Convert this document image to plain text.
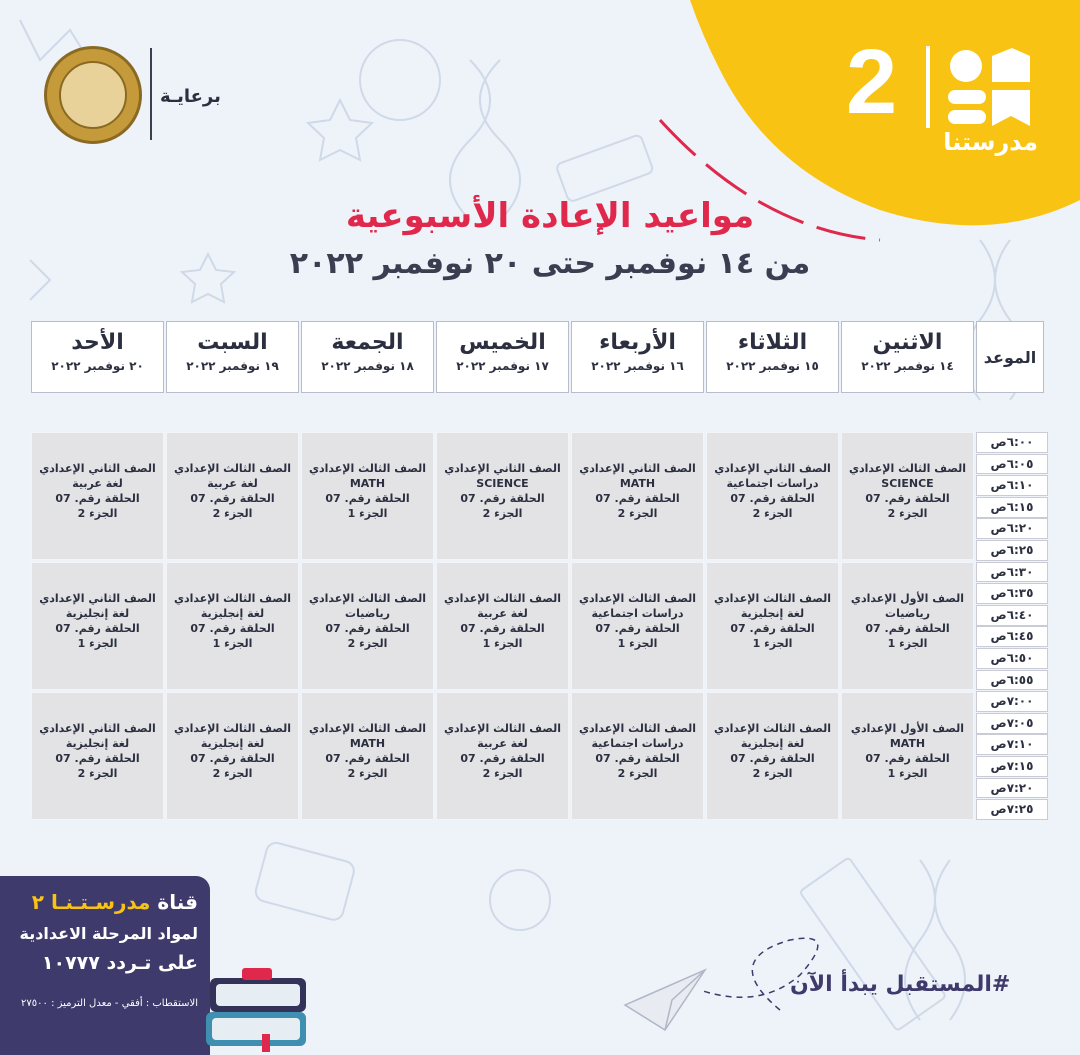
برعايـة	2
مدرستنا
مواعيد الإعادة الأسبوعية
من ١٤ نوفمبر حتى ٢٠ نوفمبر ٢٠٢٢
الموعد
الاثنين
١٤ نوفمبر ٢٠٢٢
الثلاثاء
١٥ نوفمبر ٢٠٢٢
الأربعاء
١٦ نوفمبر ٢٠٢٢
الخميس
١٧ نوفمبر ٢٠٢٢
الجمعة
١٨ نوفمبر ٢٠٢٢
السبت
١٩ نوفمبر ٢٠٢٢
الأحد
٢٠ نوفمبر ٢٠٢٢
٦:٠٠ص
٦:٠٥ص
٦:١٠ص
٦:١٥ص
٦:٢٠ص
٦:٢٥ص
٦:٣٠ص
٦:٣٥ص
٦:٤٠ص
٦:٤٥ص
٦:٥٠ص
٦:٥٥ص
٧:٠٠ص
٧:٠٥ص
٧:١٠ص
٧:١٥ص
٧:٢٠ص
٧:٢٥ص
الصف الثالث الإعدادي
SCIENCE
الحلقة رقم. 07
الجزء 2
الصف الثاني الإعدادي
دراسات اجتماعية
الحلقة رقم. 07
الجزء 2
الصف الثاني الإعدادي
MATH
الحلقة رقم. 07
الجزء 2
الصف الثاني الإعدادي
SCIENCE
الحلقة رقم. 07
الجزء 2
الصف الثالث الإعدادي
MATH
الحلقة رقم. 07
الجزء 1
الصف الثالث الإعدادي
لغة عربية
الحلقة رقم. 07
الجزء 2
الصف الثاني الإعدادي
لغة عربية
الحلقة رقم. 07
الجزء 2
الصف الأول الإعدادي
رياضيات
الحلقة رقم. 07
الجزء 1
الصف الثالث الإعدادي
لغة إنجليزية
الحلقة رقم. 07
الجزء 1
الصف الثالث الإعدادي
دراسات اجتماعية
الحلقة رقم. 07
الجزء 1
الصف الثالث الإعدادي
لغة عربية
الحلقة رقم. 07
الجزء 1
الصف الثالث الإعدادي
رياضيات
الحلقة رقم. 07
الجزء 2
الصف الثالث الإعدادي
لغة إنجليزية
الحلقة رقم. 07
الجزء 1
الصف الثاني الإعدادي
لغة إنجليزية
الحلقة رقم. 07
الجزء 1
الصف الأول الإعدادي
MATH
الحلقة رقم. 07
الجزء 1
الصف الثالث الإعدادي
لغة إنجليزية
الحلقة رقم. 07
الجزء 2
الصف الثالث الإعدادي
دراسات اجتماعية
الحلقة رقم. 07
الجزء 2
الصف الثالث الإعدادي
لغة عربية
الحلقة رقم. 07
الجزء 2
الصف الثالث الإعدادي
MATH
الحلقة رقم. 07
الجزء 2
الصف الثالث الإعدادي
لغة إنجليزية
الحلقة رقم. 07
الجزء 2
الصف الثاني الإعدادي
لغة إنجليزية
الحلقة رقم. 07
الجزء 2
قناة مدرسـتـنـا ٢
لمواد المرحلة الاعدادية
على تـردد ١٠٧٧٧
الاستقطاب : أفقي - معدل الترميز : ٢٧٥٠٠
#المستقبل يبدأ الآن
